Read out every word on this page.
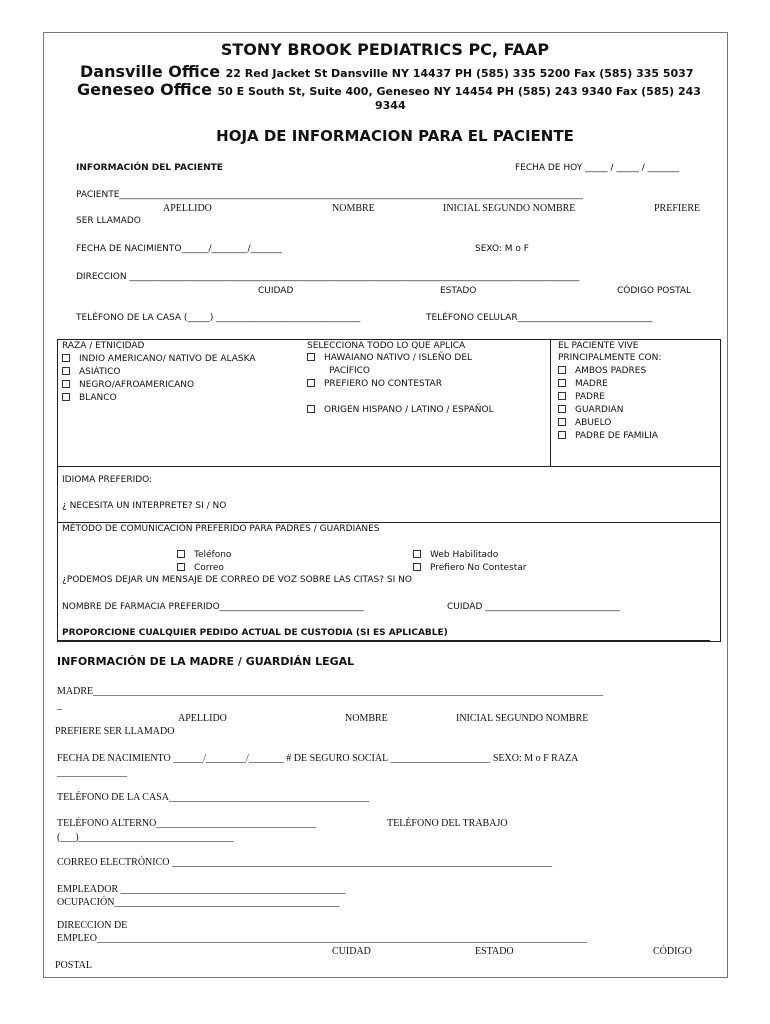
STONY BROOK PEDIATRICS PC, FAAP
Dansville Office 22 Red Jacket St Dansville NY 14437 PH (585) 335 5200 Fax (585) 335 5037
Geneseo Office 50 E South St, Suite 400, Geneseo NY 14454 PH (585) 243 9340 Fax (585) 243
9344
HOJA DE INFORMACION PARA EL PACIENTE
INFORMACIÓN DEL PACIENTE	FECHA DE HOY _____ / _____ / _______
PACIENTE_______________________________________________________________________________________________________
APELLIDO	NOMBRE	INICIAL SEGUNDO NOMBRE	PREFIERE
SER LLAMADO
FECHA DE NACIMIENTO______/________/_______	SEXO: M o F
DIRECCIÓN ____________________________________________________________________________________________________
CUIDAD	ESTADO	CÓDIGO POSTAL
TELÉFONO DE LA CASA (_____) ________________________________	TELÉFONO CELULAR______________________________
RAZA / ETNICIDAD
INDIO AMERICANO/ NATIVO DE ALASKA
ASIÁTICO
NEGRO/AFROAMERICANO
BLANCO
SELECCIONA TODO LO QUE APLICA
HAWAIANO NATIVO / ISLEÑO DEL
PACÍFICO
PREFIERO NO CONTESTAR
ORIGEN HISPANO / LATINO / ESPAÑOL
EL PACIENTE VIVE
PRINCIPALMENTE CON:
AMBOS PADRES
MADRE
PADRE
GUARDIAN
ABUELO
PADRE DE FAMILIA
IDIOMA PREFERIDO:
¿ NECESITA UN INTERPRETE? SI / NO
MÉTODO DE COMUNICACIÓN PREFERIDO PARA PADRES / GUARDIANES
Teléfono
Correo
Web Habilitado
Prefiero No Contestar
¿PODEMOS DEJAR UN MENSAJE DE CORREO DE VOZ SOBRE LAS CITAS? SI NO
NOMBRE DE FARMACIA PREFERIDO________________________________	CUIDAD ______________________________
PROPORCIONE CUALQUIER PEDIDO ACTUAL DE CUSTODIA (SI ES APLICABLE)
INFORMACIÓN DE LA MADRE / GUARDIÁN LEGAL
MADRE______________________________________________________________________________________________________
_
APELLIDO	NOMBRE	INICIAL SEGUNDO NOMBRE
PREFIERE SER LLAMADO
FECHA DE NACIMIENTO ______/________/_______ # DE SEGURO SOCIAL ____________________ SEXO: M o F RAZA
______________
TELÉFONO DE LA CASA________________________________________
TELÉFONO ALTERNO________________________________	TELÉFONO DEL TRABAJO
(___)_______________________________
CORREO ELECTRÓNICO ____________________________________________________________________________
EMPLEADOR _____________________________________________
OCUPACIÓN_____________________________________________
DIRECCION DE
EMPLEO__________________________________________________________________________________________________
CUIDAD	ESTADO	CÓDIGO
POSTAL
